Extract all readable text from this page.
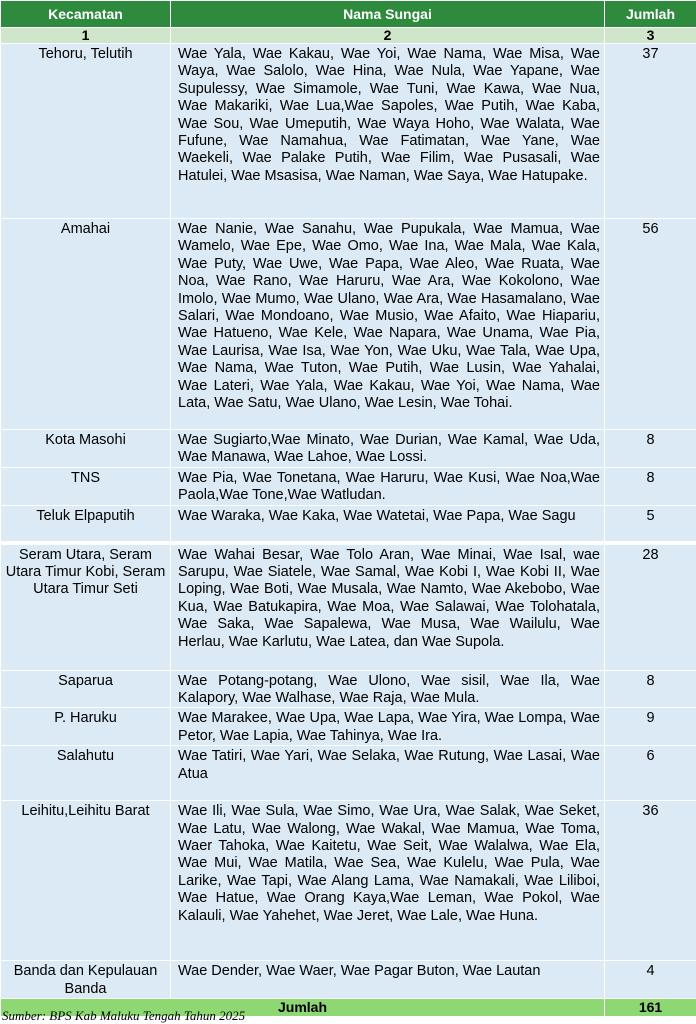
Kecamatan	Nama Sungai	Jumlah
1	2	3
Tehoru, Telutih	Wae Yala, Wae Kakau, Wae Yoi, Wae Nama, Wae Misa, Wae Waya, Wae Salolo, Wae Hina, Wae Nula, Wae Yapane, Wae Supulessy, Wae Simamole, Wae Tuni, Wae Kawa, Wae Nua, Wae Makariki, Wae Lua,Wae Sapoles, Wae Putih, Wae Kaba, Wae Sou, Wae Umeputih, Wae Waya Hoho, Wae Walata, Wae Fufune, Wae Namahua, Wae Fatimatan, Wae Yane, Wae Waekeli, Wae Palake Putih, Wae Filim, Wae Pusasali, Wae Hatulei, Wae Msasisa, Wae Naman, Wae Saya, Wae Hatupake.	37
Amahai	Wae Nanie, Wae Sanahu, Wae Pupukala, Wae Mamua, Wae Wamelo, Wae Epe, Wae Omo, Wae Ina, Wae Mala, Wae Kala, Wae Puty, Wae Uwe, Wae Papa, Wae Aleo, Wae Ruata, Wae Noa, Wae Rano, Wae Haruru, Wae Ara, Wae Kokolono, Wae Imolo, Wae Mumo, Wae Ulano, Wae Ara, Wae Hasamalano, Wae Salari, Wae Mondoano, Wae Musio, Wae Afaito, Wae Hiapariu, Wae Hatueno, Wae Kele, Wae Napara, Wae Unama, Wae Pia, Wae Laurisa, Wae Isa, Wae Yon, Wae Uku, Wae Tala, Wae Upa, Wae Nama, Wae Tuton, Wae Putih, Wae Lusin, Wae Yahalai, Wae Lateri, Wae Yala, Wae Kakau, Wae Yoi, Wae Nama, Wae Lata, Wae Satu, Wae Ulano, Wae Lesin, Wae Tohai.	56
Kota Masohi	Wae Sugiarto,Wae Minato, Wae Durian, Wae Kamal, Wae Uda, Wae Manawa, Wae Lahoe, Wae Lossi.	8
TNS	Wae Pia, Wae Tonetana, Wae Haruru, Wae Kusi, Wae Noa,Wae Paola,Wae Tone,Wae Watludan.	8
Teluk Elpaputih	Wae Waraka, Wae Kaka, Wae Watetai, Wae Papa, Wae Sagu	5

Seram Utara, Seram Utara Timur Kobi, Seram Utara Timur Seti	Wae Wahai Besar, Wae Tolo Aran, Wae Minai, Wae Isal, wae Sarupu, Wae Siatele, Wae Samal, Wae Kobi I, Wae Kobi II, Wae Loping, Wae Boti, Wae Musala, Wae Namto, Wae Akebobo, Wae Kua, Wae Batukapira, Wae Moa, Wae Salawai, Wae Tolohatala, Wae Saka, Wae Sapalewa, Wae Musa, Wae Wailulu, Wae Herlau, Wae Karlutu, Wae Latea, dan Wae Supola.	28
Saparua	Wae Potang-potang, Wae Ulono, Wae sisil, Wae Ila, Wae Kalapory, Wae Walhase, Wae Raja, Wae Mula.	8
P. Haruku	Wae Marakee, Wae Upa, Wae Lapa, Wae Yira, Wae Lompa, Wae Petor, Wae Lapia, Wae Tahinya, Wae Ira.	9
Salahutu	Wae Tatiri, Wae Yari, Wae Selaka, Wae Rutung, Wae Lasai, Wae Atua	6
Leihitu,Leihitu Barat	Wae Ili, Wae Sula, Wae Simo, Wae Ura, Wae Salak, Wae Seket, Wae Latu, Wae Walong, Wae Wakal, Wae Mamua, Wae Toma, Waer Tahoka, Wae Kaitetu, Wae Seit, Wae Walalwa, Wae Ela, Wae Mui, Wae Matila, Wae Sea, Wae Kulelu, Wae Pula, Wae Larike, Wae Tapi, Wae Alang Lama, Wae Namakali, Wae Liliboi, Wae Hatue, Wae Orang Kaya,Wae Leman, Wae Pokol, Wae Kalauli, Wae Yahehet, Wae Jeret, Wae Lale, Wae Huna.	36
Banda dan Kepulauan Banda	Wae Dender, Wae Waer, Wae Pagar Buton, Wae Lautan	4
Jumlah		161
Sumber: BPS Kab Maluku Tengah Tahun 2025
